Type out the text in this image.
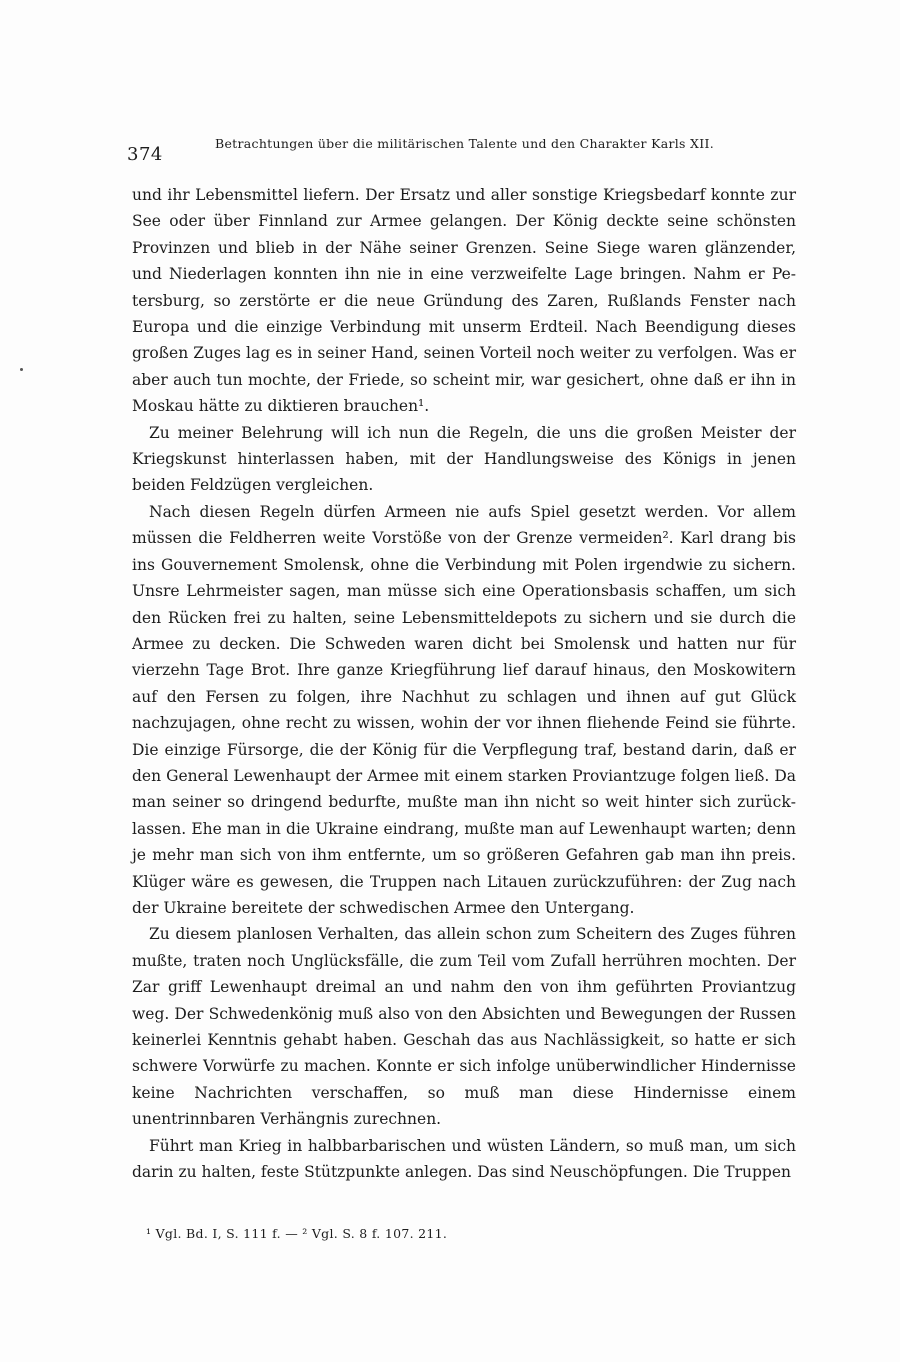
374
Betrachtungen über die militärischen Talente und den Charakter Karls XII.

und ihr Lebensmittel liefern. Der Ersatz und aller sonstige Kriegsbedarf konnte zur See oder über Finnland zur Armee gelangen. Der König deckte seine schönsten Provinzen und blieb in der Nähe seiner Grenzen. Seine Siege waren glänzender, und Niederlagen konnten ihn nie in eine verzweifelte Lage bringen. Nahm er Petersburg, so zerstörte er die neue Gründung des Zaren, Rußlands Fenster nach Europa und die einzige Verbindung mit unserm Erdteil. Nach Beendigung dieses großen Zuges lag es in seiner Hand, seinen Vorteil noch weiter zu verfolgen. Was er aber auch tun mochte, der Friede, so scheint mir, war gesichert, ohne daß er ihn in Moskau hätte zu diktieren brauchen¹.

Zu meiner Belehrung will ich nun die Regeln, die uns die großen Meister der Kriegskunst hinterlassen haben, mit der Handlungsweise des Königs in jenen beiden Feldzügen vergleichen.

Nach diesen Regeln dürfen Armeen nie aufs Spiel gesetzt werden. Vor allem müssen die Feldherren weite Vorstöße von der Grenze vermeiden². Karl drang bis ins Gouvernement Smolensk, ohne die Verbindung mit Polen irgendwie zu sichern. Unsre Lehrmeister sagen, man müsse sich eine Operationsbasis schaffen, um sich den Rücken frei zu halten, seine Lebensmitteldepots zu sichern und sie durch die Armee zu decken. Die Schweden waren dicht bei Smolensk und hatten nur für vierzehn Tage Brot. Ihre ganze Kriegführung lief darauf hinaus, den Moskowitern auf den Fersen zu folgen, ihre Nachhut zu schlagen und ihnen auf gut Glück nachzujagen, ohne recht zu wissen, wohin der vor ihnen fliehende Feind sie führte. Die einzige Fürsorge, die der König für die Verpflegung traf, bestand darin, daß er den General Lewenhaupt der Armee mit einem starken Proviantzuge folgen ließ. Da man seiner so dringend bedurfte, mußte man ihn nicht so weit hinter sich zurücklassen. Ehe man in die Ukraine eindrang, mußte man auf Lewenhaupt warten; denn je mehr man sich von ihm entfernte, um so größeren Gefahren gab man ihn preis. Klüger wäre es gewesen, die Truppen nach Litauen zurückzuführen: der Zug nach der Ukraine bereitete der schwedischen Armee den Untergang.

Zu diesem planlosen Verhalten, das allein schon zum Scheitern des Zuges führen mußte, traten noch Unglücksfälle, die zum Teil vom Zufall herrühren mochten. Der Zar griff Lewenhaupt dreimal an und nahm den von ihm geführten Proviantzug weg. Der Schwedenkönig muß also von den Absichten und Bewegungen der Russen keinerlei Kenntnis gehabt haben. Geschah das aus Nachlässigkeit, so hatte er sich schwere Vorwürfe zu machen. Konnte er sich infolge unüberwindlicher Hindernisse keine Nachrichten verschaffen, so muß man diese Hindernisse einem unentrinnbaren Verhängnis zurechnen.

Führt man Krieg in halbbarbarischen und wüsten Ländern, so muß man, um sich darin zu halten, feste Stützpunkte anlegen. Das sind Neuschöpfungen. Die Truppen

¹ Vgl. Bd. I, S. 111 f. — ² Vgl. S. 8 f. 107. 211.
